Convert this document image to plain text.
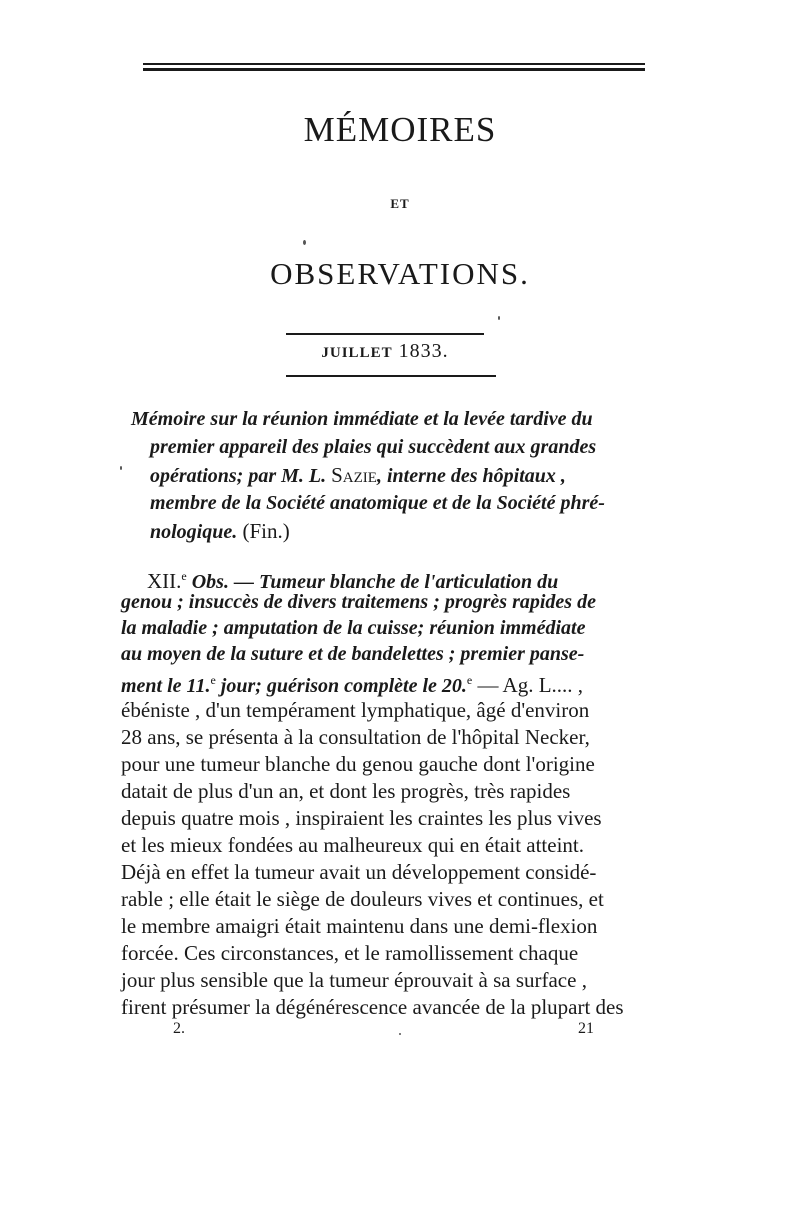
MÉMOIRES
ET
OBSERVATIONS.
JUILLET 1833.
Mémoire sur la réunion immédiate et la levée tardive du
premier appareil des plaies qui succèdent aux grandes
opérations; par M. L. Sazie, interne des hôpitaux ,
membre de la Société anatomique et de la Société phré-
nologique. (Fin.)
XII.$^e$ Obs. — Tumeur blanche de l'articulation du
genou ; insuccès de divers traitemens ; progrès rapides de
la maladie ; amputation de la cuisse; réunion immédiate
au moyen de la suture et de bandelettes ; premier panse-
ment le 11.$^e$ jour; guérison complète le 20.$^e$ — Ag. L.... ,
ébéniste , d'un tempérament lymphatique, âgé d'environ
28 ans, se présenta à la consultation de l'hôpital Necker,
pour une tumeur blanche du genou gauche dont l'origine
datait de plus d'un an, et dont les progrès, très rapides
depuis quatre mois , inspiraient les craintes les plus vives
et les mieux fondées au malheureux qui en était atteint.
Déjà en effet la tumeur avait un développement considé-
rable ; elle était le siège de douleurs vives et continues, et
le membre amaigri était maintenu dans une demi-flexion
forcée. Ces circonstances, et le ramollissement chaque
jour plus sensible que la tumeur éprouvait à sa surface ,
firent présumer la dégénérescence avancée de la plupart des
2.	21
